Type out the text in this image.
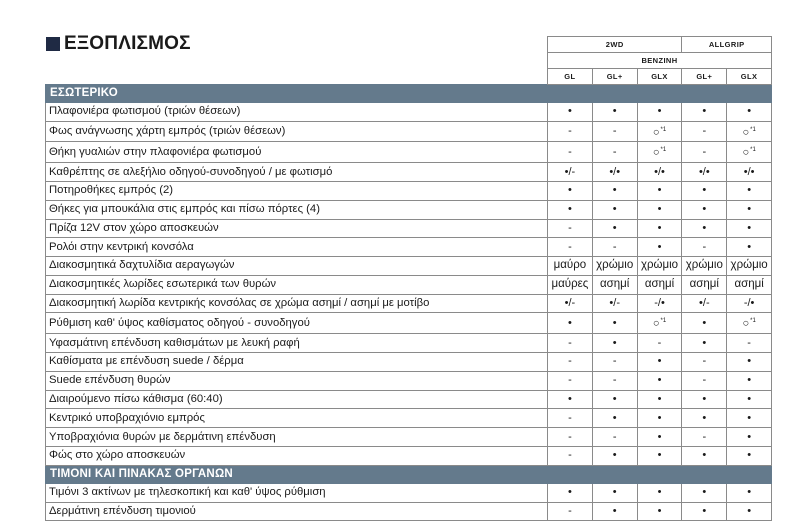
ΕΞΟΠΛΙΣΜΟΣ
		2WD			ALLGRIP	
	BENZINH				
	GL	GL+	GLX	GL+	GLX
ΕΣΩΤΕΡΙΚΟ					
Πλαφονιέρα φωτισμού (τριών θέσεων)	•	•	•	•	•
Φως ανάγνωσης χάρτη εμπρός (τριών θέσεων)	-	-	○$^{*1}$	-	○$^{*1}$
Θήκη γυαλιών στην πλαφονιέρα φωτισμού	-	-	○$^{*1}$	-	○$^{*1}$
Καθρέπτης σε αλεξήλιο οδηγού-συνοδηγού / με φωτισμό	•/-	•/•	•/•	•/•	•/•
Ποτηροθήκες εμπρός (2)	•	•	•	•	•
Θήκες για μπουκάλια στις εμπρός και πίσω πόρτες (4)	•	•	•	•	•
Πρίζα 12V στον χώρο αποσκευών	-	•	•	•	•
Ρολόι στην κεντρική κονσόλα	-	-	•	-	•
Διακοσμητικά δαχτυλίδια αεραγωγών	μαύρο	χρώμιο	χρώμιο	χρώμιο	χρώμιο
Διακοσμητικές λωρίδες εσωτερικά των θυρών	μαύρες	ασημί	ασημί	ασημί	ασημί
Διακοσμητική λωρίδα κεντρικής κονσόλας σε χρώμα ασημί / ασημί με μοτίβο	•/-	•/-	-/•	•/-	-/•
Ρύθμιση καθ' ύψος καθίσματος οδηγού - συνοδηγού	•	•	○$^{*1}$	•	○$^{*1}$
Υφασμάτινη επένδυση καθισμάτων με λευκή ραφή	-	•	-	•	-
Καθίσματα με επένδυση suede / δέρμα	-	-	•	-	•
Suede επένδυση θυρών	-	-	•	-	•
Διαιρούμενο πίσω κάθισμα (60:40)	•	•	•	•	•
Κεντρικό υποβραχιόνιο εμπρός	-	•	•	•	•
Υποβραχιόνια θυρών με δερμάτινη επένδυση	-	-	•	-	•
Φώς στο χώρο αποσκευών	-	•	•	•	•
ΤΙΜΟΝΙ ΚΑΙ ΠΙΝΑΚΑΣ ΟΡΓΑΝΩΝ					
Τιμόνι 3 ακτίνων με τηλεσκοπική και καθ' ύψος ρύθμιση	•	•	•	•	•
Δερμάτινη επένδυση τιμονιού	-	•	•	•	•
